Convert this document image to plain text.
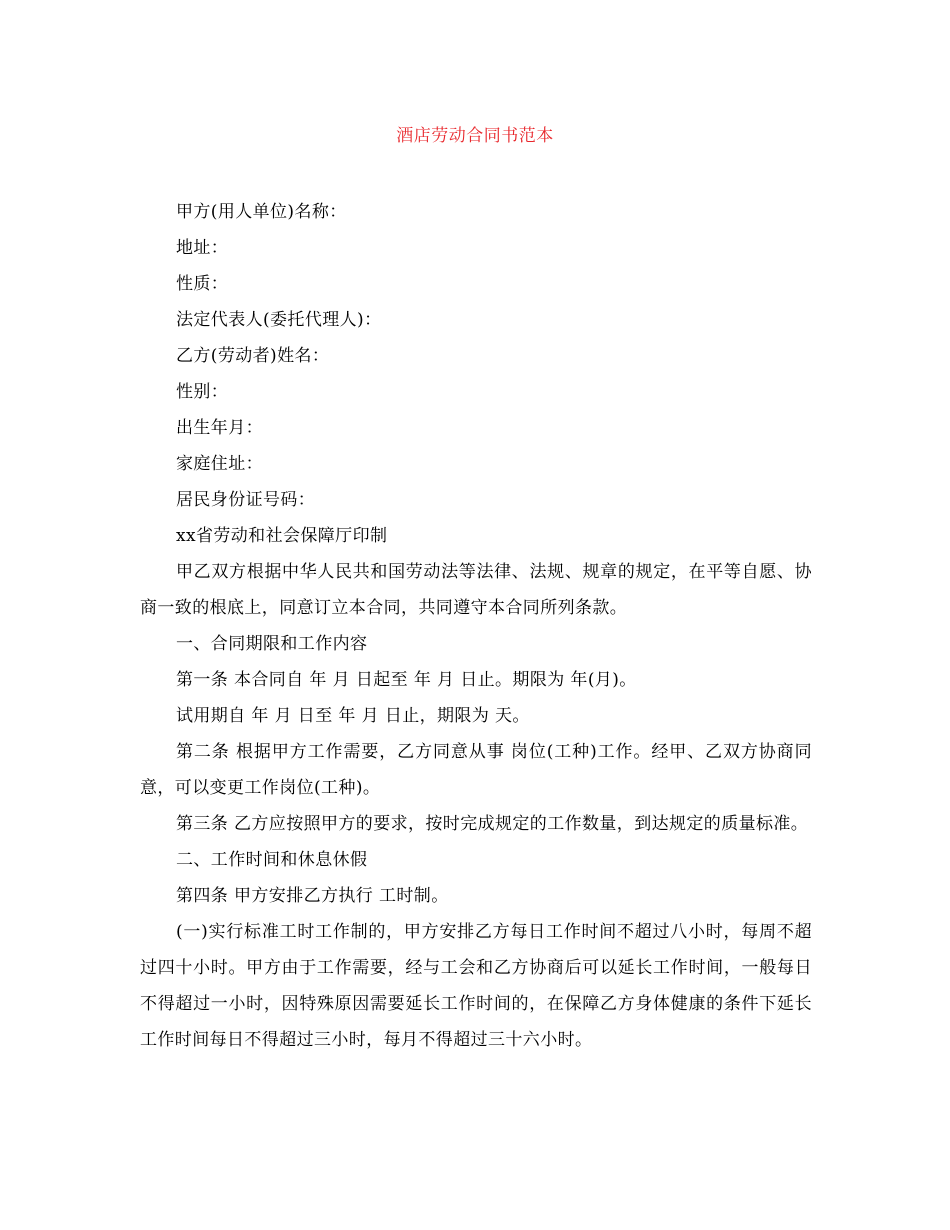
酒店劳动合同书范本

甲方(用人单位)名称：

地址：

性质：

法定代表人(委托代理人)：

乙方(劳动者)姓名：

性别：

出生年月：

家庭住址：

居民身份证号码：

xx省劳动和社会保障厅印制

甲乙双方根据中华人民共和国劳动法等法律、法规、规章的规定，在平等自愿、协商一致的根底上，同意订立本合同，共同遵守本合同所列条款。

一、合同期限和工作内容

第一条 本合同自 年 月 日起至 年 月 日止。期限为 年(月)。

试用期自 年 月 日至 年 月 日止，期限为 天。

第二条 根据甲方工作需要，乙方同意从事 岗位(工种)工作。经甲、乙双方协商同意，可以变更工作岗位(工种)。

第三条 乙方应按照甲方的要求，按时完成规定的工作数量，到达规定的质量标准。

二、工作时间和休息休假

第四条 甲方安排乙方执行 工时制。

(一)实行标准工时工作制的，甲方安排乙方每日工作时间不超过八小时，每周不超过四十小时。甲方由于工作需要，经与工会和乙方协商后可以延长工作时间，一般每日不得超过一小时，因特殊原因需要延长工作时间的，在保障乙方身体健康的条件下延长工作时间每日不得超过三小时，每月不得超过三十六小时。
